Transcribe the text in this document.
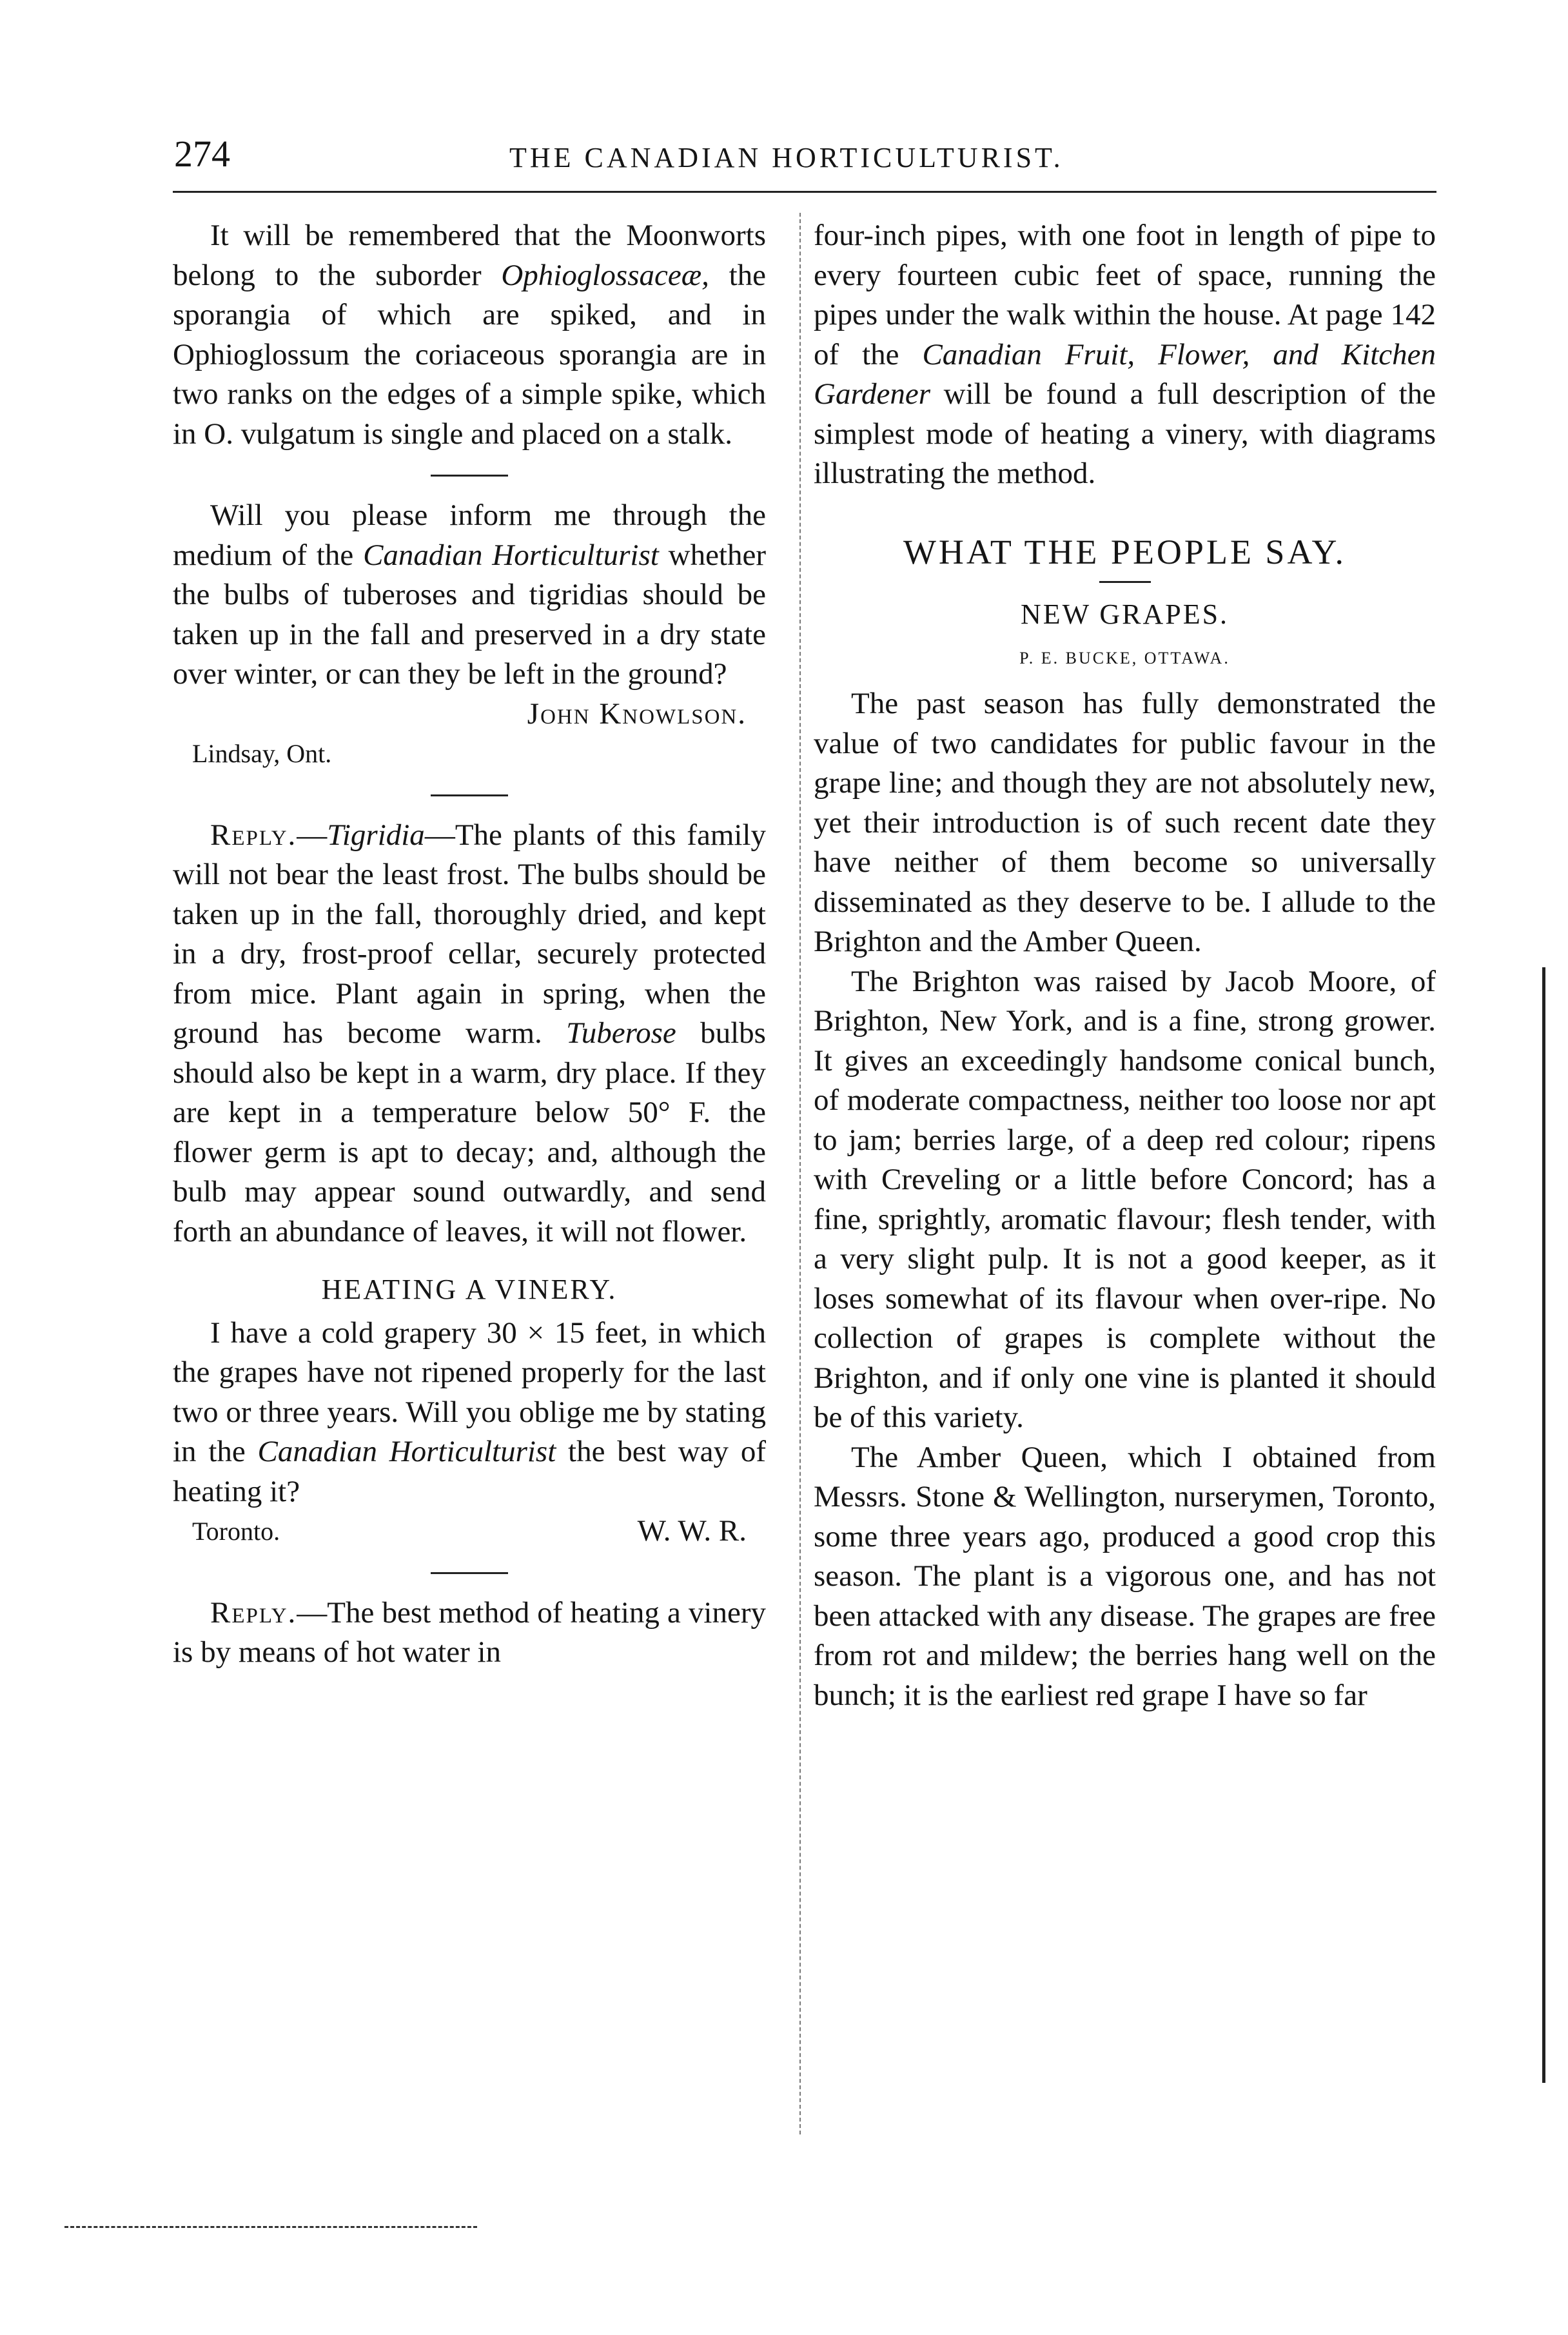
274	THE CANADIAN HORTICULTURIST.

It will be remembered that the Moonworts belong to the suborder Ophioglossaceæ, the sporangia of which are spiked, and in Ophioglossum the coriaceous sporangia are in two ranks on the edges of a simple spike, which in O. vulgatum is single and placed on a stalk.

Will you please inform me through the medium of the Canadian Horticulturist whether the bulbs of tuberoses and tigridias should be taken up in the fall and preserved in a dry state over winter, or can they be left in the ground?

John Knowlson.

Lindsay, Ont.

Reply.—Tigridia—The plants of this family will not bear the least frost. The bulbs should be taken up in the fall, thoroughly dried, and kept in a dry, frost-proof cellar, securely protected from mice. Plant again in spring, when the ground has become warm. Tuberose bulbs should also be kept in a warm, dry place. If they are kept in a temperature below 50° F. the flower germ is apt to decay; and, although the bulb may appear sound outwardly, and send forth an abundance of leaves, it will not flower.

HEATING A VINERY.

I have a cold grapery 30 × 15 feet, in which the grapes have not ripened properly for the last two or three years. Will you oblige me by stating in the Canadian Horticulturist the best way of heating it?

Toronto.	W. W. R.

Reply.—The best method of heating a vinery is by means of hot water in

four-inch pipes, with one foot in length of pipe to every fourteen cubic feet of space, running the pipes under the walk within the house. At page 142 of the Canadian Fruit, Flower, and Kitchen Gardener will be found a full description of the simplest mode of heating a vinery, with diagrams illustrating the method.

WHAT THE PEOPLE SAY.

NEW GRAPES.

P. E. BUCKE, OTTAWA.

The past season has fully demonstrated the value of two candidates for public favour in the grape line; and though they are not absolutely new, yet their introduction is of such recent date they have neither of them become so universally disseminated as they deserve to be. I allude to the Brighton and the Amber Queen.

The Brighton was raised by Jacob Moore, of Brighton, New York, and is a fine, strong grower. It gives an exceedingly handsome conical bunch, of moderate compactness, neither too loose nor apt to jam; berries large, of a deep red colour; ripens with Creveling or a little before Concord; has a fine, sprightly, aromatic flavour; flesh tender, with a very slight pulp. It is not a good keeper, as it loses somewhat of its flavour when over-ripe. No collection of grapes is complete without the Brighton, and if only one vine is planted it should be of this variety.

The Amber Queen, which I obtained from Messrs. Stone & Wellington, nurserymen, Toronto, some three years ago, produced a good crop this season. The plant is a vigorous one, and has not been attacked with any disease. The grapes are free from rot and mildew; the berries hang well on the bunch; it is the earliest red grape I have so far
